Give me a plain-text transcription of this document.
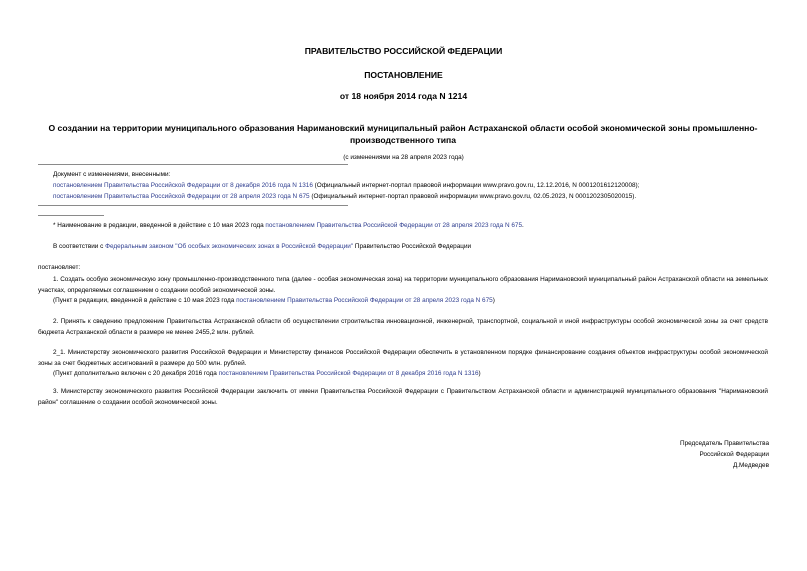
ПРАВИТЕЛЬСТВО РОССИЙСКОЙ ФЕДЕРАЦИИ
ПОСТАНОВЛЕНИЕ
от 18 ноября 2014 года N 1214
О создании на территории муниципального образования Наримановский муниципальный район Астраханской области особой экономической зоны промышленно-производственного типа
(с изменениями на 28 апреля 2023 года)
Документ с изменениями, внесенными:
постановлением Правительства Российской Федерации от 8 декабря 2016 года N 1316 (Официальный интернет-портал правовой информации www.pravo.gov.ru, 12.12.2016, N 0001201612120008);
постановлением Правительства Российской Федерации от 28 апреля 2023 года N 675 (Официальный интернет-портал правовой информации www.pravo.gov.ru, 02.05.2023, N 0001202305020015).
* Наименование в редакции, введенной в действие с 10 мая 2023 года постановлением Правительства Российской Федерации от 28 апреля 2023 года N 675.
В соответствии с Федеральным законом "Об особых экономических зонах в Российской Федерации" Правительство Российской Федерации
постановляет:
1. Создать особую экономическую зону промышленно-производственного типа (далее - особая экономическая зона) на территории муниципального образования Наримановский муниципальный район Астраханской области на земельных участках, определяемых соглашением о создании особой экономической зоны.
(Пункт в редакции, введенной в действие с 10 мая 2023 года постановлением Правительства Российской Федерации от 28 апреля 2023 года N 675)
2. Принять к сведению предложение Правительства Астраханской области об осуществлении строительства инновационной, инженерной, транспортной, социальной и иной инфраструктуры особой экономической зоны за счет средств бюджета Астраханской области в размере не менее 2455,2 млн. рублей.
2_1. Министерству экономического развития Российской Федерации и Министерству финансов Российской Федерации обеспечить в установленном порядке финансирование создания объектов инфраструктуры особой экономической зоны за счет бюджетных ассигнований в размере до 500 млн. рублей.
(Пункт дополнительно включен с 20 декабря 2016 года постановлением Правительства Российской Федерации от 8 декабря 2016 года N 1316)
3. Министерству экономического развития Российской Федерации заключить от имени Правительства Российской Федерации с Правительством Астраханской области и администрацией муниципального образования "Наримановский район" соглашение о создании особой экономической зоны.
Председатель Правительства
Российской Федерации
Д.Медведев
